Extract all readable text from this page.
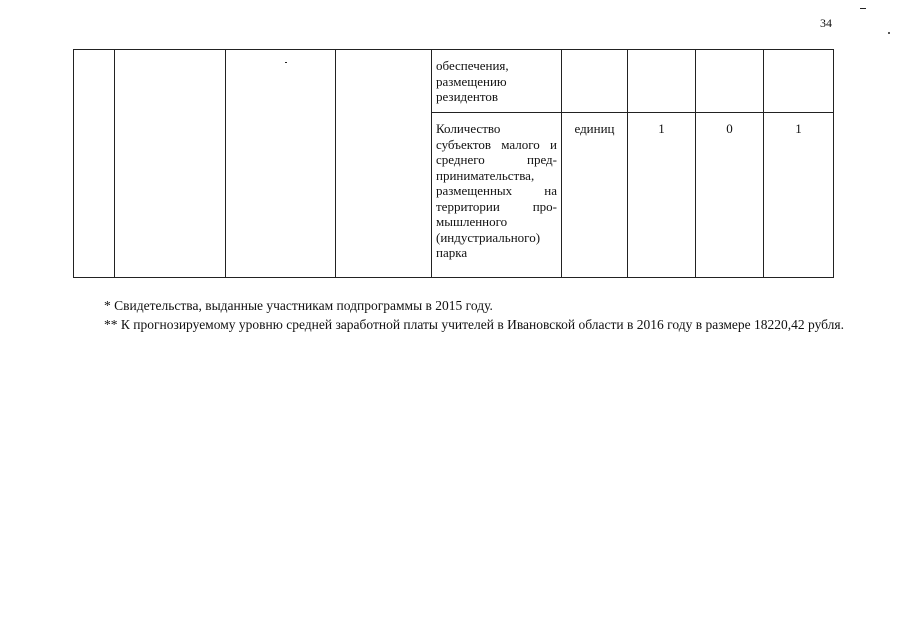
34

				обеспечения, размещению резидентов				

				Количество субъектов малого и среднего предпринимательства, размещенных на территории промышленного (индустриального) парка	единиц	1	0	1

* Свидетельства, выданные участникам подпрограммы в 2015 году.

** К прогнозируемому уровню средней заработной платы учителей в Ивановской области в 2016 году в размере 18220,42 рубля.
